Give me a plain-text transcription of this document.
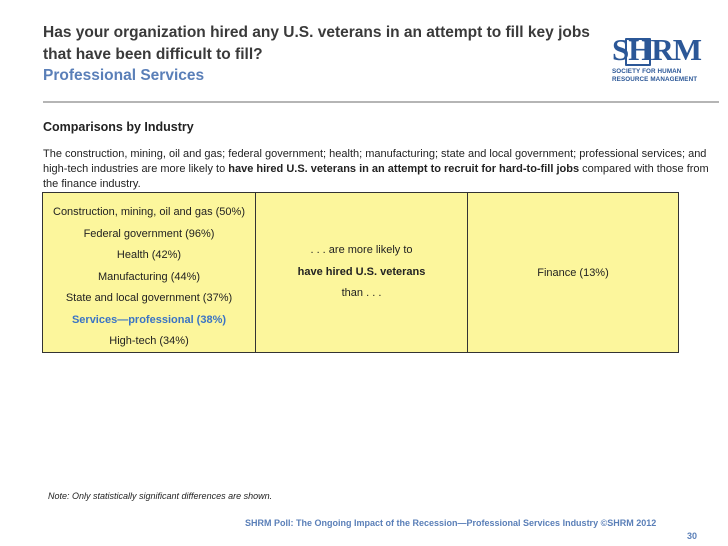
Has your organization hired any U.S. veterans in an attempt to fill key jobs that have been difficult to fill?
Professional Services
S H RM
SOCIETY FOR HUMAN
RESOURCE MANAGEMENT
Comparisons by Industry
The construction, mining, oil and gas; federal government; health; manufacturing; state and local government; professional services; and high-tech industries are more likely to have hired U.S. veterans in an attempt to recruit for hard-to-fill jobs compared with those from the finance industry.
Construction, mining, oil and gas (50%)
Federal government (96%)
Health (42%)
Manufacturing (44%)
State and local government (37%)
Services—professional (38%)
High-tech (34%)
. . . are more likely to
have hired U.S. veterans
than . . .
Finance (13%)
Note: Only statistically significant differences are shown.
SHRM Poll: The Ongoing Impact of the Recession—Professional Services Industry ©SHRM 2012
30
